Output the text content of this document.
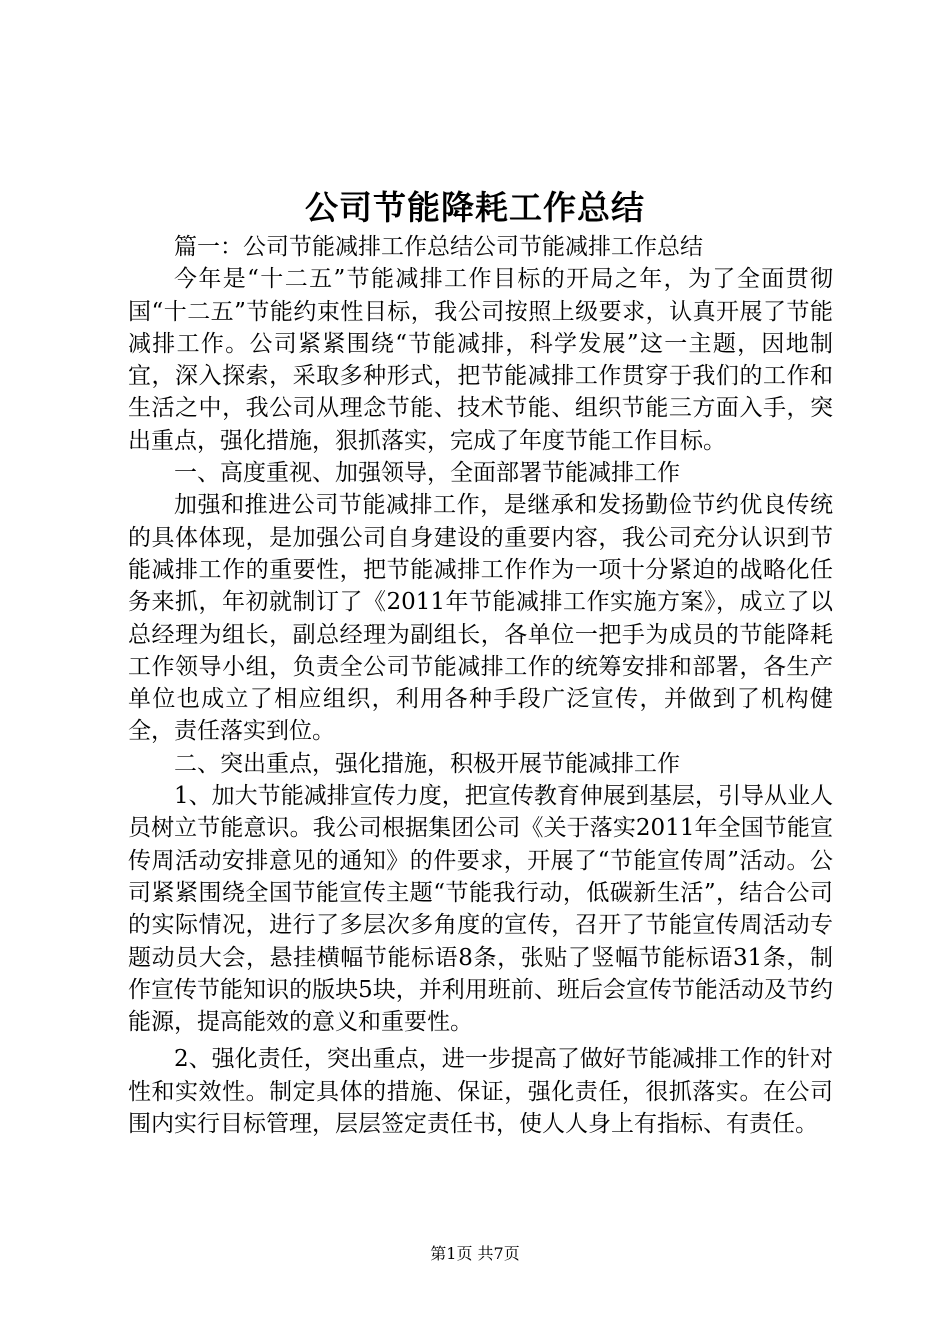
公司节能降耗工作总结

篇一：公司节能减排工作总结公司节能减排工作总结

今年是“十二五”节能减排工作目标的开局之年，为了全面贯彻国“十二五”节能约束性目标，我公司按照上级要求，认真开展了节能减排工作。公司紧紧围绕“节能减排，科学发展”这一主题，因地制宜，深入探索，采取多种形式，把节能减排工作贯穿于我们的工作和生活之中，我公司从理念节能、技术节能、组织节能三方面入手，突出重点，强化措施，狠抓落实，完成了年度节能工作目标。

一、高度重视、加强领导，全面部署节能减排工作

加强和推进公司节能减排工作，是继承和发扬勤俭节约优良传统的具体体现，是加强公司自身建设的重要内容，我公司充分认识到节能减排工作的重要性，把节能减排工作作为一项十分紧迫的战略化任务来抓，年初就制订了《2011年节能减排工作实施方案》，成立了以总经理为组长，副总经理为副组长，各单位一把手为成员的节能降耗工作领导小组，负责全公司节能减排工作的统筹安排和部署，各生产单位也成立了相应组织，利用各种手段广泛宣传，并做到了机构健全，责任落实到位。

二、突出重点，强化措施，积极开展节能减排工作

1、加大节能减排宣传力度，把宣传教育伸展到基层，引导从业人员树立节能意识。我公司根据集团公司《关于落实2011年全国节能宣传周活动安排意见的通知》的件要求，开展了“节能宣传周”活动。公司紧紧围绕全国节能宣传主题“节能我行动，低碳新生活”，结合公司的实际情况，进行了多层次多角度的宣传，召开了节能宣传周活动专题动员大会，悬挂横幅节能标语8条，张贴了竖幅节能标语31条，制作宣传节能知识的版块5块，并利用班前、班后会宣传节能活动及节约能源，提高能效的意义和重要性。

2、强化责任，突出重点，进一步提高了做好节能减排工作的针对性和实效性。制定具体的措施、保证，强化责任，很抓落实。在公司围内实行目标管理，层层签定责任书，使人人身上有指标、有责任。

第1页 共7页
